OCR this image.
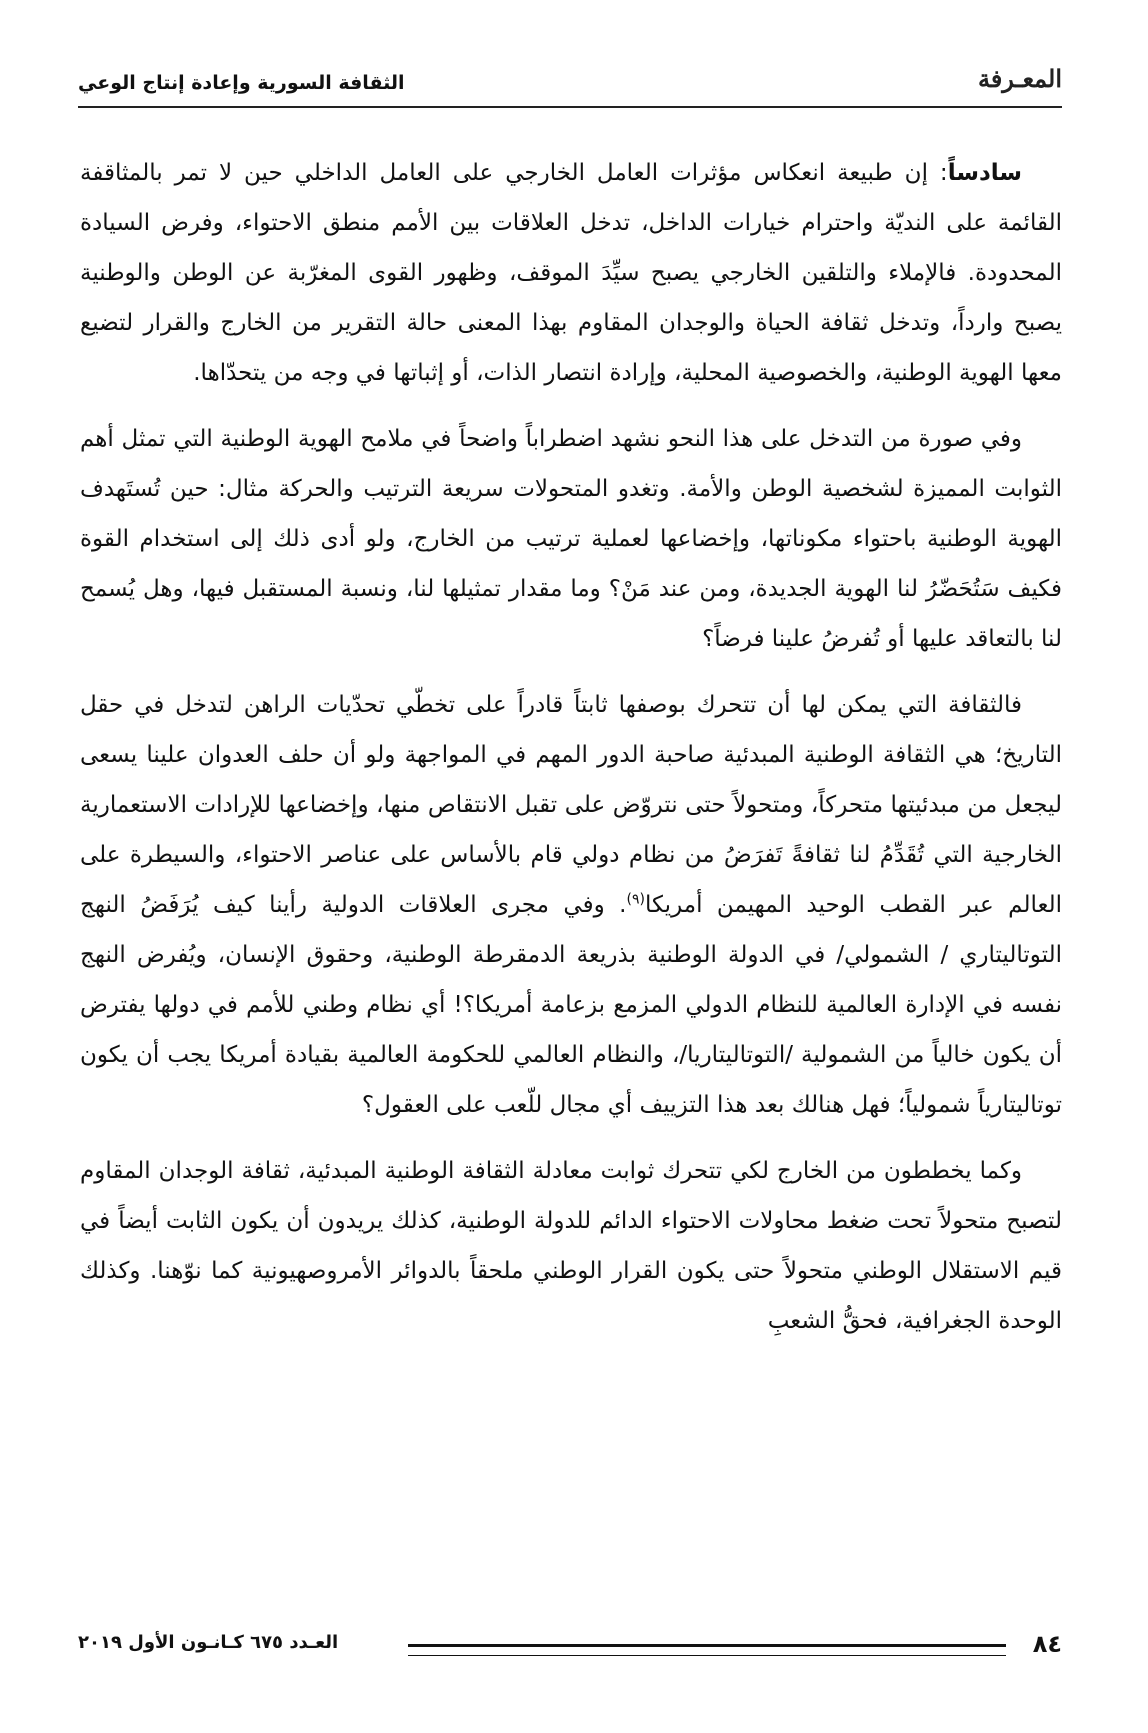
المعـرفة
الثقافة السورية وإعادة إنتاج الوعي

سادساً: إن طبيعة انعكاس مؤثرات العامل الخارجي على العامل الداخلي حين لا تمر بالمثاقفة القائمة على النديّة واحترام خيارات الداخل، تدخل العلاقات بين الأمم منطق الاحتواء، وفرض السيادة المحدودة. فالإملاء والتلقين الخارجي يصبح سيِّدَ الموقف، وظهور القوى المغرّبة عن الوطن والوطنية يصبح وارداً، وتدخل ثقافة الحياة والوجدان المقاوم بهذا المعنى حالة التقرير من الخارج والقرار لتضيع معها الهوية الوطنية، والخصوصية المحلية، وإرادة انتصار الذات، أو إثباتها في وجه من يتحدّاها.

وفي صورة من التدخل على هذا النحو نشهد اضطراباً واضحاً في ملامح الهوية الوطنية التي تمثل أهم الثوابت المميزة لشخصية الوطن والأمة. وتغدو المتحولات سريعة الترتيب والحركة مثال: حين تُستَهدف الهوية الوطنية باحتواء مكوناتها، وإخضاعها لعملية ترتيب من الخارج، ولو أدى ذلك إلى استخدام القوة فكيف سَتُحَضّرُ لنا الهوية الجديدة، ومن عند مَنْ؟ وما مقدار تمثيلها لنا، ونسبة المستقبل فيها، وهل يُسمح لنا بالتعاقد عليها أو تُفرضُ علينا فرضاً؟

فالثقافة التي يمكن لها أن تتحرك بوصفها ثابتاً قادراً على تخطّي تحدّيات الراهن لتدخل في حقل التاريخ؛ هي الثقافة الوطنية المبدئية صاحبة الدور المهم في المواجهة ولو أن حلف العدوان علينا يسعى ليجعل من مبدئيتها متحركاً، ومتحولاً حتى نتروّض على تقبل الانتقاص منها، وإخضاعها للإرادات الاستعمارية الخارجية التي تُقَدِّمُ لنا ثقافةً تَفرَضُ من نظام دولي قام بالأساس على عناصر الاحتواء، والسيطرة على العالم عبر القطب الوحيد المهيمن أمريكا$^{(٩)}$. وفي مجرى العلاقات الدولية رأينا كيف يُرَفَضُ النهج التوتاليتاري / الشمولي/ في الدولة الوطنية بذريعة الدمقرطة الوطنية، وحقوق الإنسان، ويُفرض النهج نفسه في الإدارة العالمية للنظام الدولي المزمع بزعامة أمريكا؟! أي نظام وطني للأمم في دولها يفترض أن يكون خالياً من الشمولية /التوتاليتاريا/، والنظام العالمي للحكومة العالمية بقيادة أمريكا يجب أن يكون توتاليتارياً شمولياً؛ فهل هنالك بعد هذا التزييف أي مجال للّعب على العقول؟

وكما يخططون من الخارج لكي تتحرك ثوابت معادلة الثقافة الوطنية المبدئية، ثقافة الوجدان المقاوم لتصبح متحولاً تحت ضغط محاولات الاحتواء الدائم للدولة الوطنية، كذلك يريدون أن يكون الثابت أيضاً في قيم الاستقلال الوطني متحولاً حتى يكون القرار الوطني ملحقاً بالدوائر الأمروصهيونية كما نوّهنا. وكذلك الوحدة الجغرافية، فحقُّ الشعبِ

٨٤
العـدد ٦٧٥ كـانـون الأول ٢٠١٩
